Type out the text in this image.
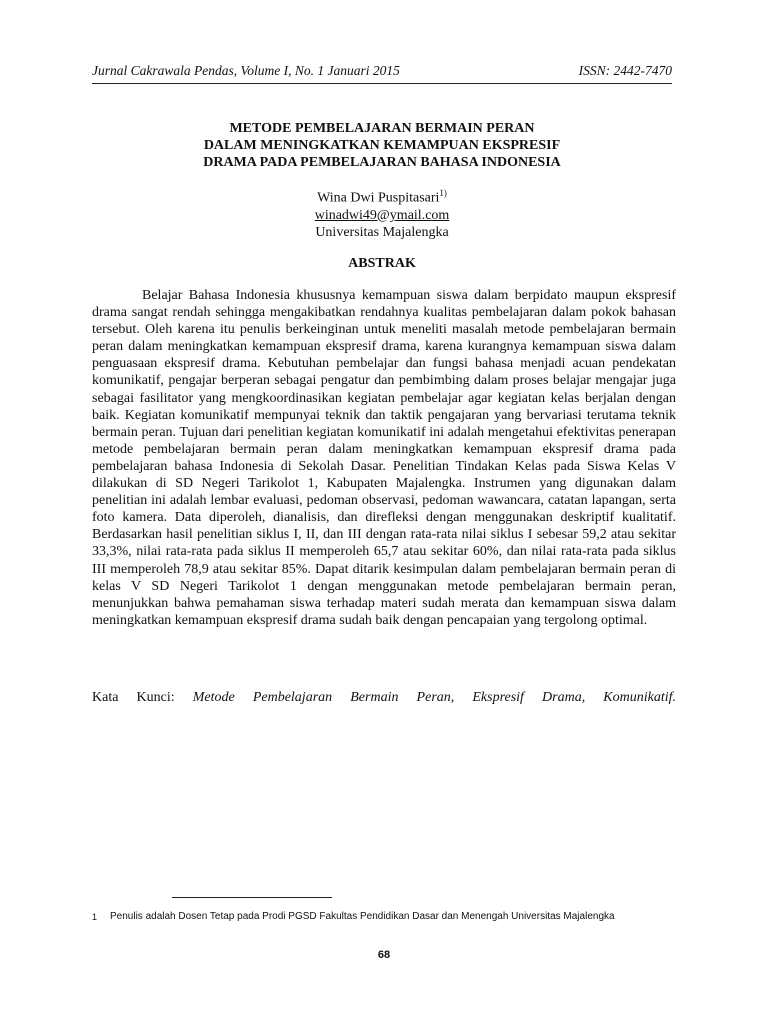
Jurnal Cakrawala Pendas, Volume I, No. 1 Januari 2015	ISSN: 2442-7470
METODE PEMBELAJARAN BERMAIN PERAN
DALAM MENINGKATKAN KEMAMPUAN EKSPRESIF
DRAMA PADA PEMBELAJARAN BAHASA INDONESIA
Wina Dwi Puspitasari$^{1)}$
winadwi49@ymail.com
Universitas Majalengka
ABSTRAK

Belajar Bahasa Indonesia khususnya kemampuan siswa dalam berpidato maupun ekspresif drama sangat rendah sehingga mengakibatkan rendahnya kualitas pembelajaran dalam pokok bahasan tersebut. Oleh karena itu penulis berkeinginan untuk meneliti masalah metode pembelajaran bermain peran dalam meningkatkan kemampuan ekspresif drama, karena kurangnya kemampuan siswa dalam penguasaan ekspresif drama. Kebutuhan pembelajar dan fungsi bahasa menjadi acuan pendekatan komunikatif, pengajar berperan sebagai pengatur dan pembimbing dalam proses belajar mengajar juga sebagai fasilitator yang mengkoordinasikan kegiatan pembelajar agar kegiatan kelas berjalan dengan baik. Kegiatan komunikatif mempunyai teknik dan taktik pengajaran yang bervariasi terutama teknik bermain peran. Tujuan dari penelitian kegiatan komunikatif ini adalah mengetahui efektivitas penerapan metode pembelajaran bermain peran dalam meningkatkan kemampuan ekspresif drama pada pembelajaran bahasa Indonesia di Sekolah Dasar. Penelitian Tindakan Kelas pada Siswa Kelas V dilakukan di SD Negeri Tarikolot 1, Kabupaten Majalengka. Instrumen yang digunakan dalam penelitian ini adalah lembar evaluasi, pedoman observasi, pedoman wawancara, catatan lapangan, serta foto kamera. Data diperoleh, dianalisis, dan direfleksi dengan menggunakan deskriptif kualitatif. Berdasarkan hasil penelitian siklus I, II, dan III dengan rata-rata nilai siklus I sebesar 59,2 atau sekitar 33,3%, nilai rata-rata pada siklus II memperoleh 65,7 atau sekitar 60%, dan nilai rata-rata pada siklus III memperoleh 78,9 atau sekitar 85%. Dapat ditarik kesimpulan dalam pembelajaran bermain peran di kelas V SD Negeri Tarikolot 1 dengan menggunakan metode pembelajaran bermain peran, menunjukkan bahwa pemahaman siswa terhadap materi sudah merata dan kemampuan siswa dalam meningkatkan kemampuan ekspresif drama sudah baik dengan pencapaian yang tergolong optimal.

Kata Kunci: Metode Pembelajaran Bermain Peran, Ekspresif Drama, Komunikatif.
1	Penulis adalah Dosen Tetap pada Prodi PGSD Fakultas Pendidikan Dasar dan Menengah Universitas Majalengka
68
